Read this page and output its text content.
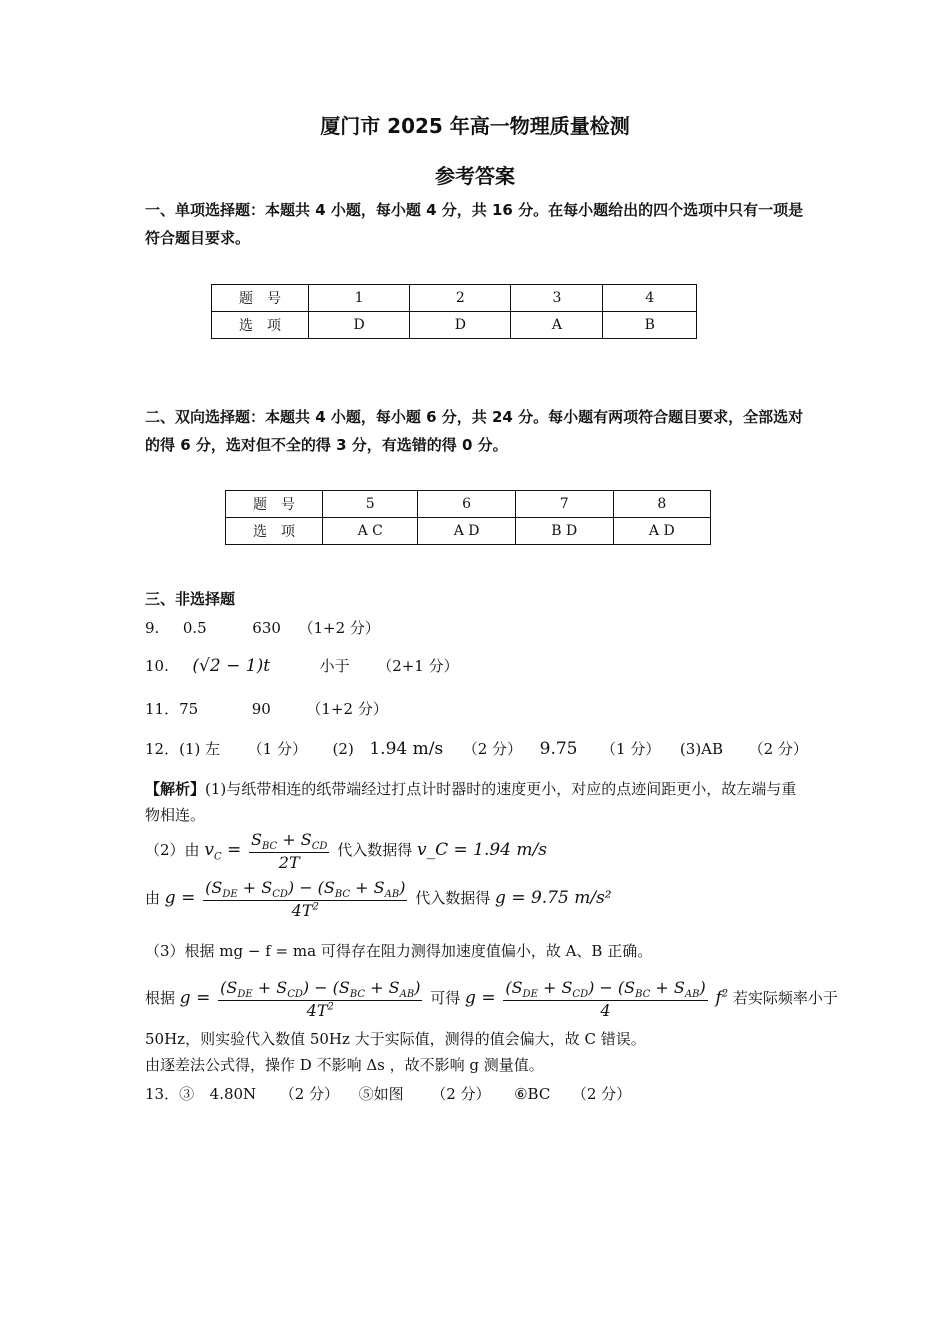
厦门市 2025 年高一物理质量检测
参考答案
一、单项选择题：本题共 4 小题，每小题 4 分，共 16 分。在每小题给出的四个选项中只有一项是符合题目要求。
题　号	1	2	3	4
选　项	D	D	A	B
二、双向选择题：本题共 4 小题，每小题 6 分，共 24 分。每小题有两项符合题目要求，全部选对的得 6 分，选对但不全的得 3 分，有选错的得 0 分。
题　号	5	6	7	8
选　项	A C	A D	B D	A D
三、非选择题
9. 0.5	630 （1+2 分）
10. (√2 − 1)t	小于 （2+1 分）
11．75	90 （1+2 分）
12．(1) 左 （1 分） (2) 1.94 m/s （2 分） 9.75 （1 分） (3)AB （2 分）
【解析】(1)与纸带相连的纸带端经过打点计时器时的速度更小，对应的点迹间距更小，故左端与重物相连。
（2）由 $v_C = \frac{S_{BC} + S_{CD}}{2T}$ 代入数据得 v_C = 1.94 m/s
由 $g = \frac{(S_{DE} + S_{CD}) - (S_{BC} + S_{AB})}{4T^2}$ 代入数据得 g = 9.75 m/s²
（3）根据 mg − f = ma 可得存在阻力测得加速度值偏小，故 A、B 正确。
根据 $g = \frac{(S_{DE} + S_{CD}) - (S_{BC} + S_{AB})}{4T^2}$ 可得 $g = \frac{(S_{DE} + S_{CD}) - (S_{BC} + S_{AB})}{4} f^2$ 若实际频率小于
50Hz，则实验代入数值 50Hz 大于实际值，测得的值会偏大，故 C 错误。
由逐差法公式得，操作 D 不影响 Δs ，故不影响 g 测量值。
13．③ 4.80N （2 分） ⑤如图 （2 分） ⑥BC （2 分）
